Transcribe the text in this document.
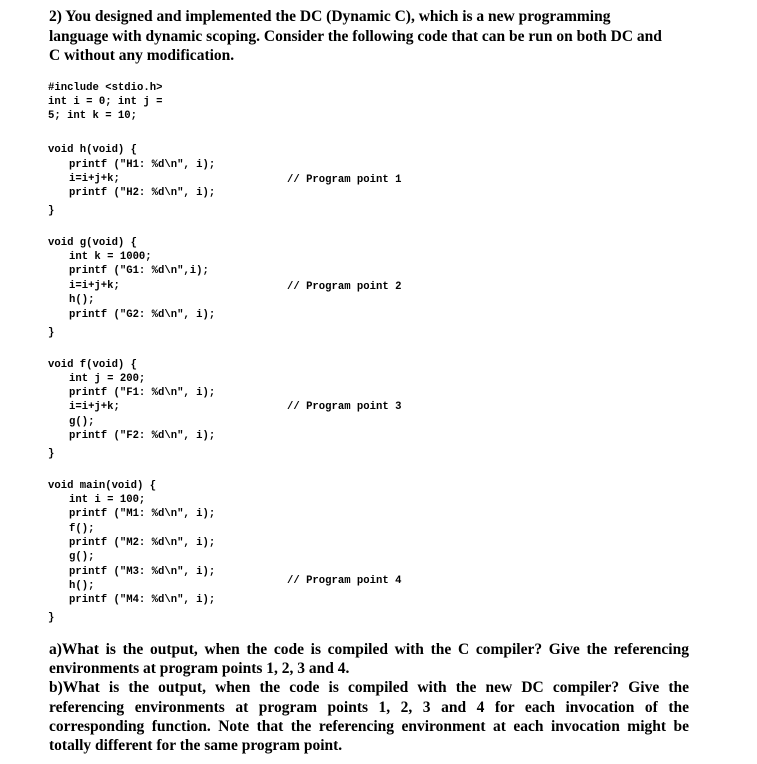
2) You designed and implemented the DC (Dynamic C), which is a new programming
language with dynamic scoping. Consider the following code that can be run on both DC and
C without any modification.
#include <stdio.h>
int i = 0; int j =
5; int k = 10;
void h(void) {
printf ("H1: %d\n", i);
i=i+j+k;
printf ("H2: %d\n", i);
}
void g(void) {
int k = 1000;
printf ("G1: %d\n",i);
i=i+j+k;
h();
printf ("G2: %d\n", i);
}
void f(void) {
int j = 200;
printf ("F1: %d\n", i);
i=i+j+k;
g();
printf ("F2: %d\n", i);
}
void main(void) {
int i = 100;
printf ("M1: %d\n", i);
f();
printf ("M2: %d\n", i);
g();
printf ("M3: %d\n", i);
h();
printf ("M4: %d\n", i);
}
// Program point 1
// Program point 2
// Program point 3
// Program point 4

a)What is the output, when the code is compiled with the C compiler? Give the referencing environments at program points 1, 2, 3 and 4.

b)What is the output, when the code is compiled with the new DC compiler? Give the referencing environments at program points 1, 2, 3 and 4 for each invocation of the corresponding function. Note that the referencing environment at each invocation might be totally different for the same program point.
